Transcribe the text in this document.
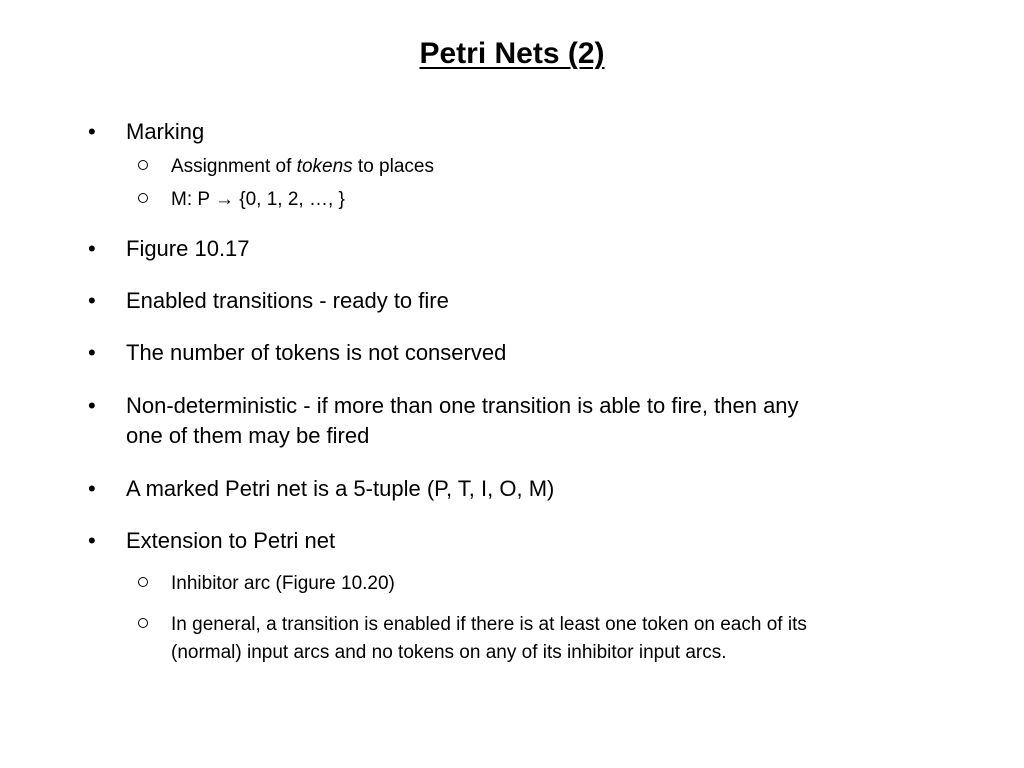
Petri Nets (2)
• Marking
Assignment of tokens to places
M: P → {0, 1, 2, …, }
• Figure 10.17
• Enabled transitions - ready to fire
• The number of tokens is not conserved
• Non-deterministic - if more than one transition is able to fire, then any
one of them may be fired
• A marked Petri net is a 5-tuple (P, T, I, O, M)
• Extension to Petri net
Inhibitor arc (Figure 10.20)
In general, a transition is enabled if there is at least one token on each of its
(normal) input arcs and no tokens on any of its inhibitor input arcs.
